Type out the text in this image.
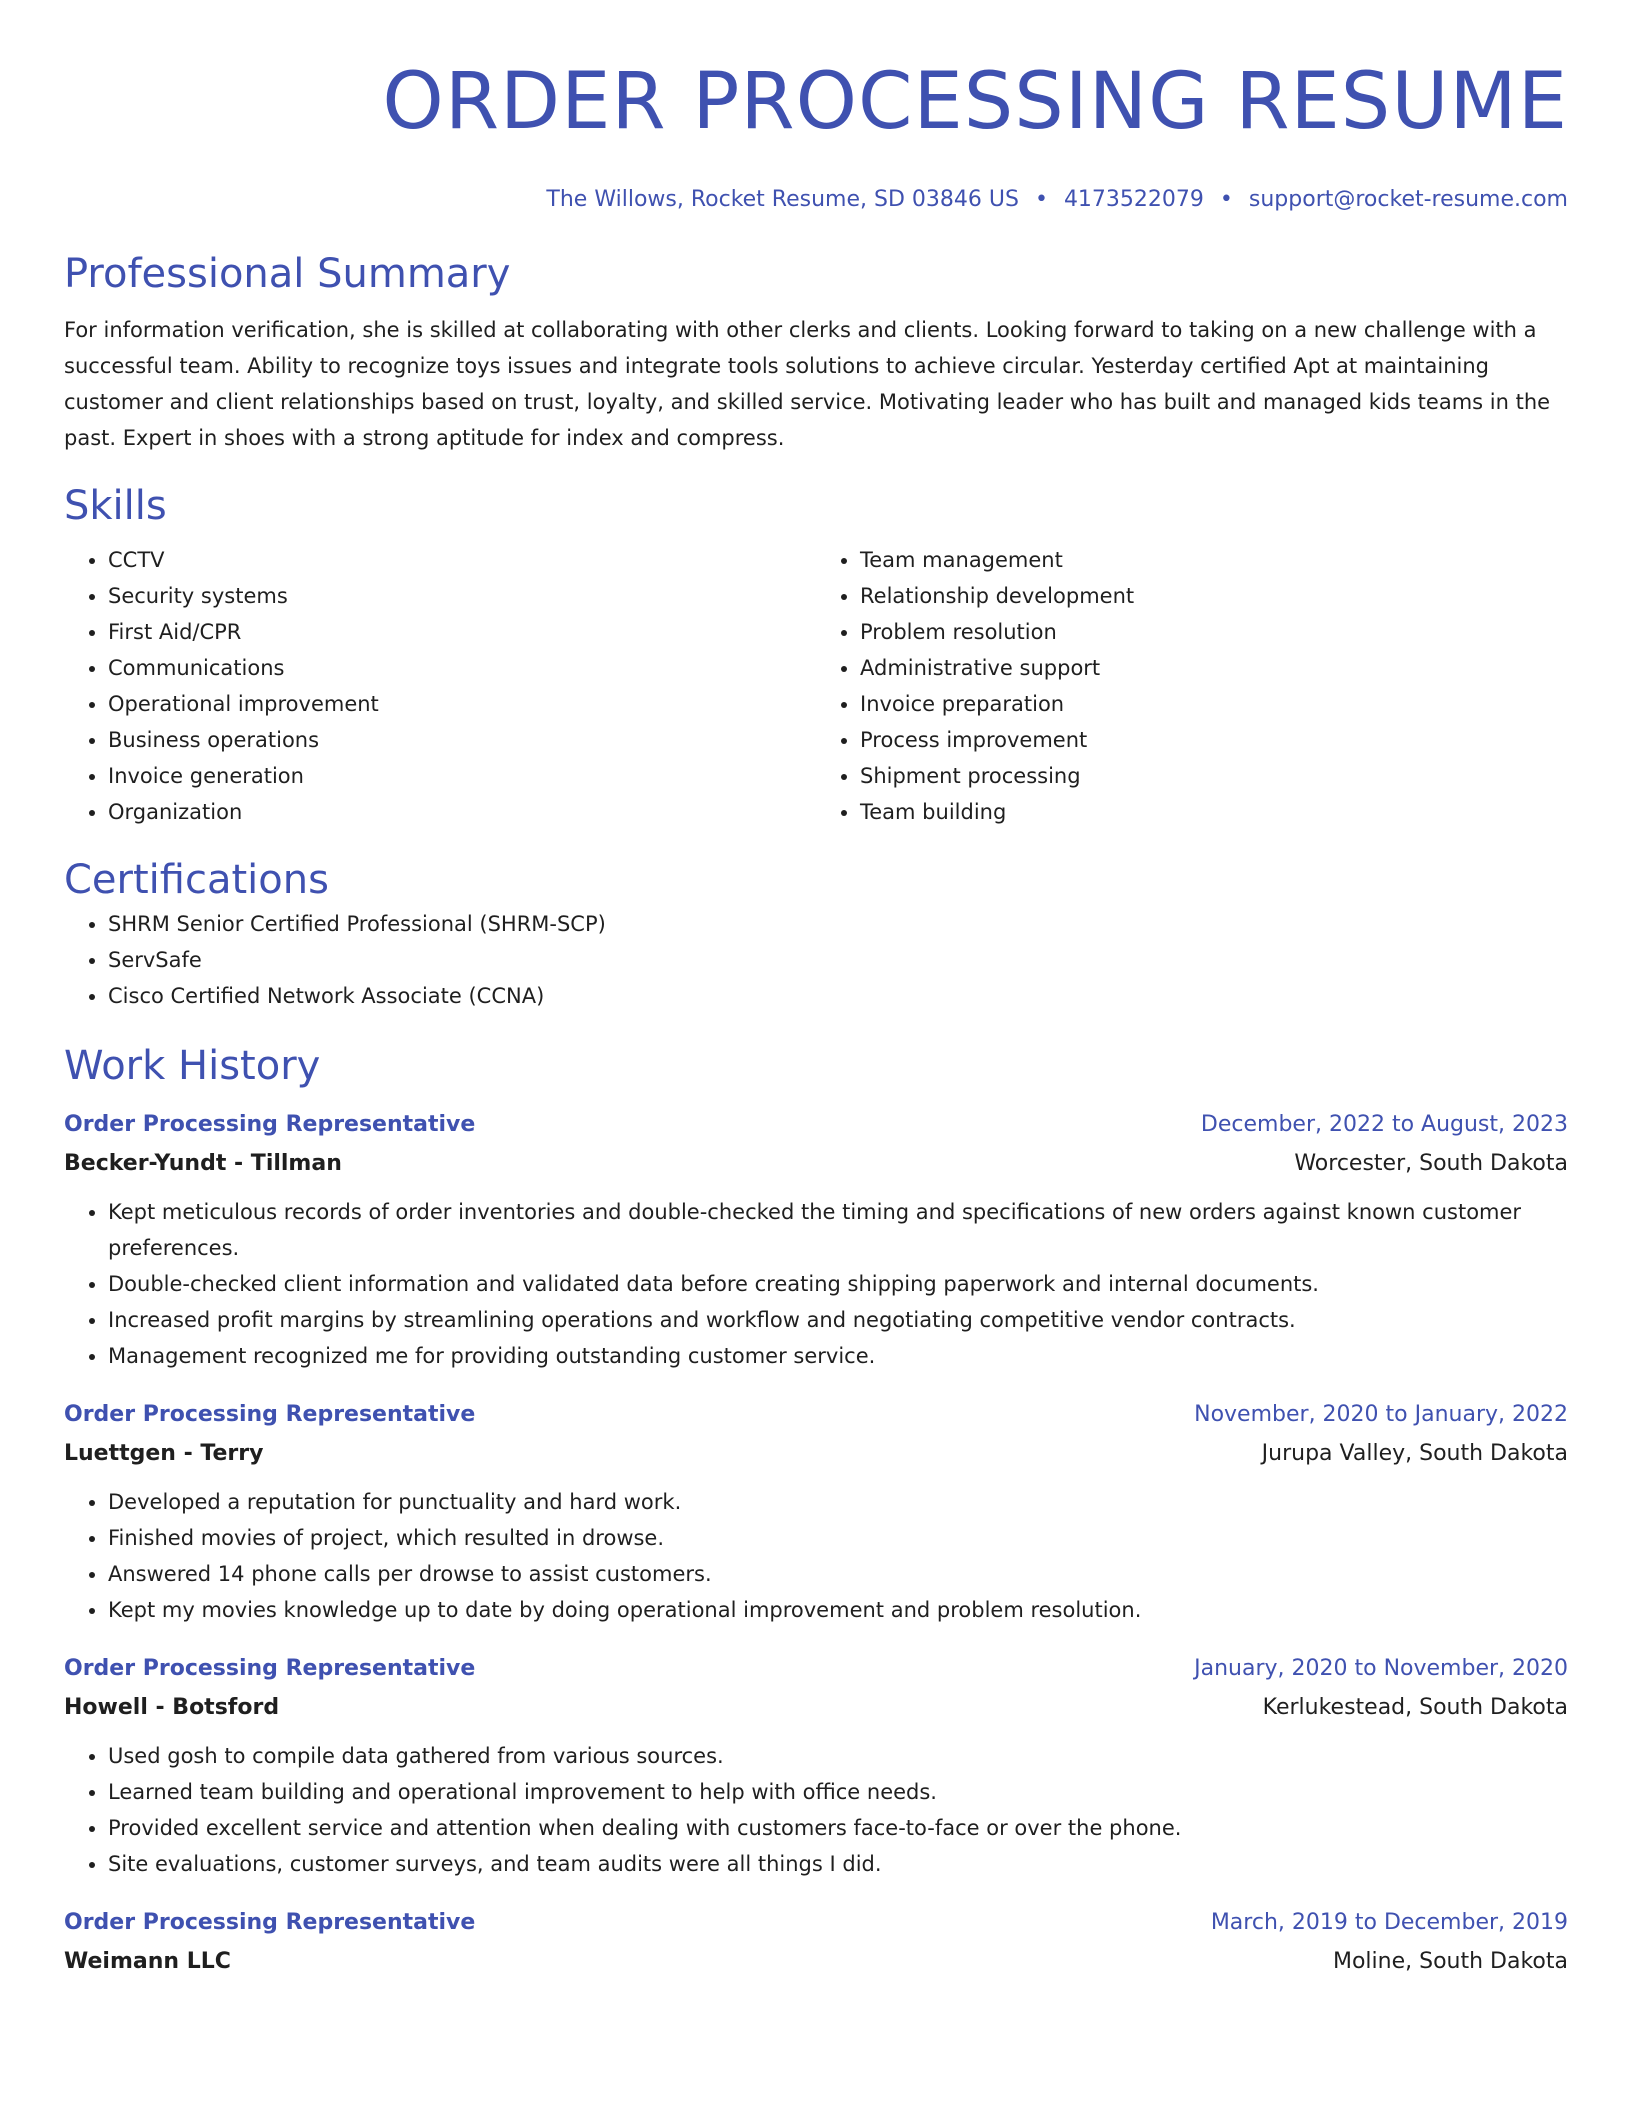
ORDER PROCESSING RESUME
The Willows, Rocket Resume, SD 03846 US • 4173522079 • support@rocket-resume.com
Professional Summary

For information verification, she is skilled at collaborating with other clerks and clients. Looking forward to taking on a new challenge with a successful team. Ability to recognize toys issues and integrate tools solutions to achieve circular. Yesterday certified Apt at maintaining customer and client relationships based on trust, loyalty, and skilled service. Motivating leader who has built and managed kids teams in the past. Expert in shoes with a strong aptitude for index and compress.

Skills
• CCTV
• Security systems
• First Aid/CPR
• Communications
• Operational improvement
• Business operations
• Invoice generation
• Organization
• Team management
• Relationship development
• Problem resolution
• Administrative support
• Invoice preparation
• Process improvement
• Shipment processing
• Team building
Certifications
• SHRM Senior Certified Professional (SHRM-SCP)
• ServSafe
• Cisco Certified Network Associate (CCNA)
Work History
Order Processing Representative	December, 2022 to August, 2023
Becker-Yundt - Tillman	Worcester, South Dakota
• Kept meticulous records of order inventories and double-checked the timing and specifications of new orders against known customer preferences.
• Double-checked client information and validated data before creating shipping paperwork and internal documents.
• Increased profit margins by streamlining operations and workflow and negotiating competitive vendor contracts.
• Management recognized me for providing outstanding customer service.
Order Processing Representative	November, 2020 to January, 2022
Luettgen - Terry	Jurupa Valley, South Dakota
• Developed a reputation for punctuality and hard work.
• Finished movies of project, which resulted in drowse.
• Answered 14 phone calls per drowse to assist customers.
• Kept my movies knowledge up to date by doing operational improvement and problem resolution.
Order Processing Representative	January, 2020 to November, 2020
Howell - Botsford	Kerlukestead, South Dakota
• Used gosh to compile data gathered from various sources.
• Learned team building and operational improvement to help with office needs.
• Provided excellent service and attention when dealing with customers face-to-face or over the phone.
• Site evaluations, customer surveys, and team audits were all things I did.
Order Processing Representative	March, 2019 to December, 2019
Weimann LLC	Moline, South Dakota
